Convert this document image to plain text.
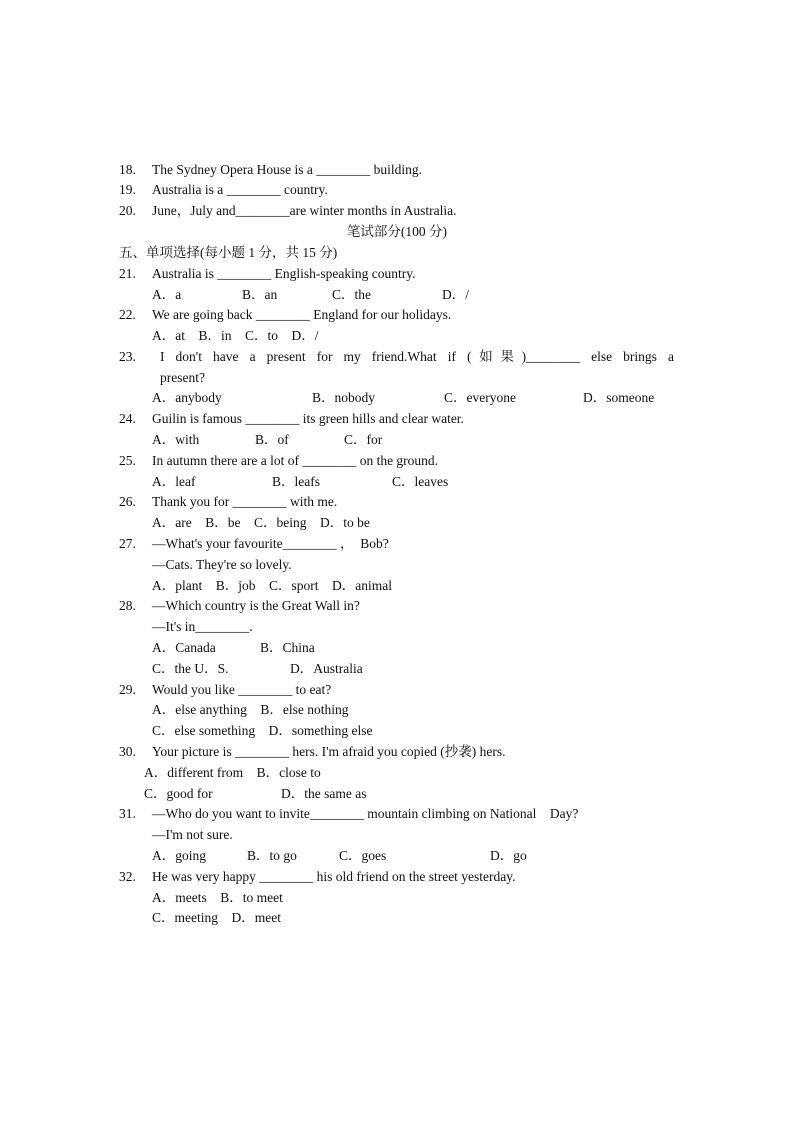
18. The Sydney Opera House is a ________ building.
19. Australia is a ________ country.
20. June，July and________are winter months in Australia.
笔试部分(100 分)
五、单项选择(每小题 1 分，共 15 分)
21. Australia is ________ English-speaking country.
A．a	B．an	C．the	D．/
22. We are going back ________ England for our holidays.
A．at　B．in　C．to　D．/
23. I don't have a present for my friend.What if (如果)________ else brings a
present?
A．anybody	B．nobody	C．everyone	D．someone
24. Guilin is famous ________ its green hills and clear water.
A．with	B．of	C．for
25. In autumn there are a lot of ________ on the ground.
A．leaf	B．leafs	C．leaves
26. Thank you for ________ with me.
A．are　B．be　C．being　D．to be
27. —What's your favourite________ ，　Bob?
—Cats. They're so lovely.
A．plant　B．job　C．sport　D．animal
28. —Which country is the Great Wall in?
—It's in________.
A．Canada	B．China
C．the U．S.	D．Australia
29. Would you like ________ to eat?
A．else anything　B．else nothing
C．else something　D．something else
30. Your picture is ________ hers. I'm afraid you copied (抄袭) hers.
A．different from　B．close to
C．good for	D．the same as
31. —Who do you want to invite________ mountain climbing on National　Day?
—I'm not sure.
A．going	B．to go	C．goes	D．go
32. He was very happy ________ his old friend on the street yesterday.
A．meets　B．to meet
C．meeting　D．meet
